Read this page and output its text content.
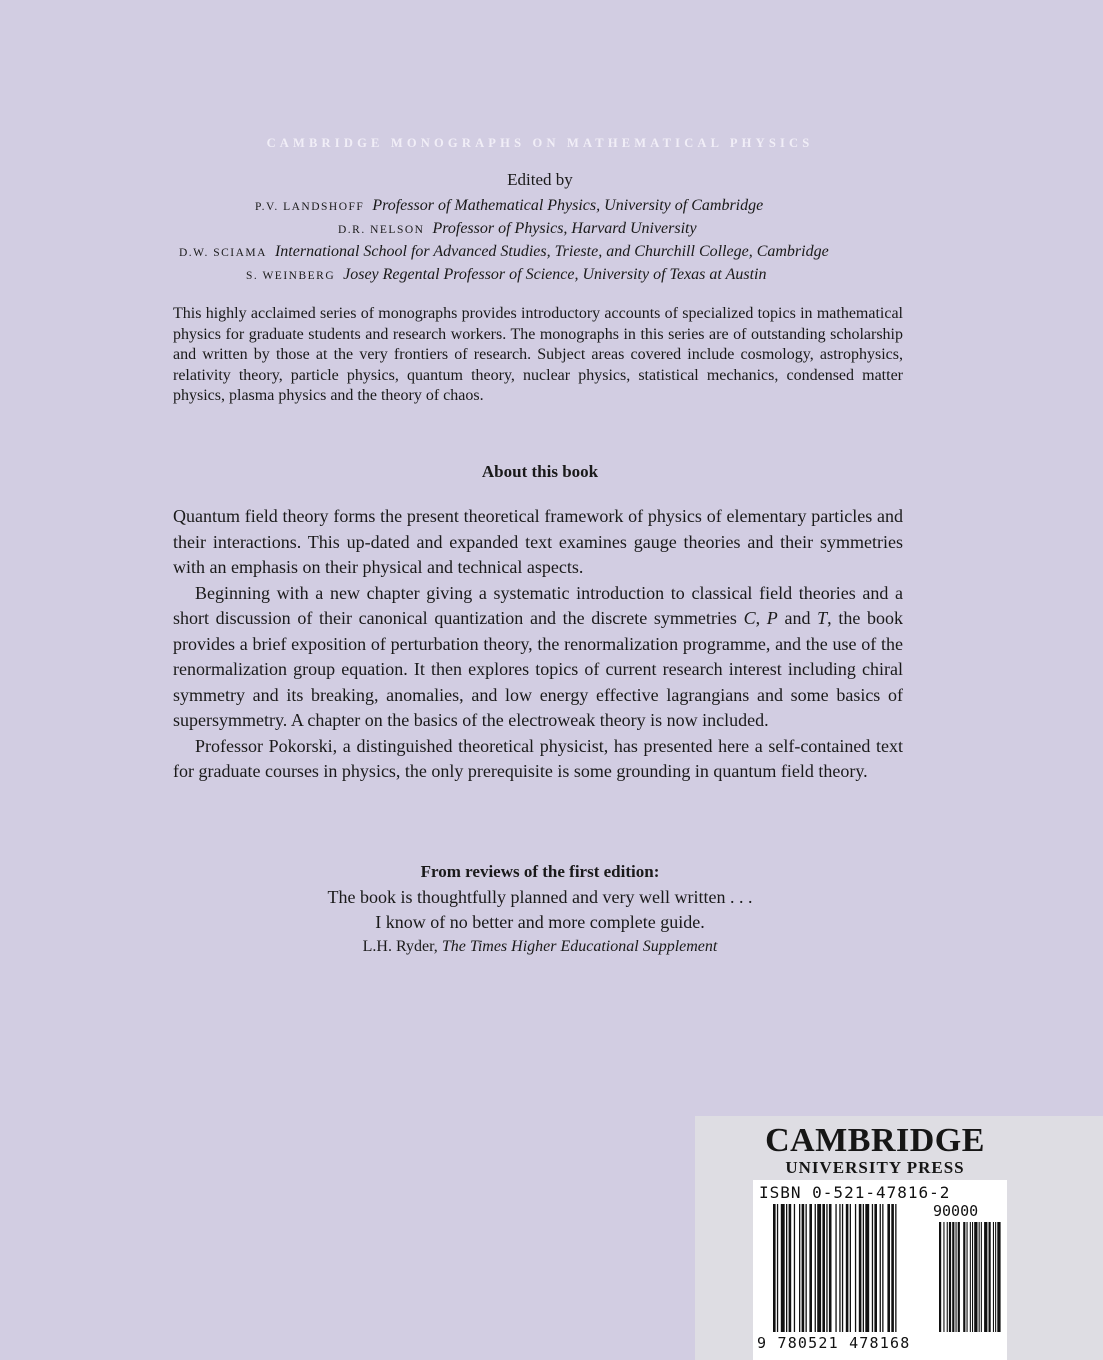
CAMBRIDGE MONOGRAPHS ON MATHEMATICAL PHYSICS
Edited by
P.V. LANDSHOFF Professor of Mathematical Physics, University of Cambridge
D.R. NELSON Professor of Physics, Harvard University
D.W. SCIAMA International School for Advanced Studies, Trieste, and Churchill College, Cambridge
S. WEINBERG Josey Regental Professor of Science, University of Texas at Austin
This highly acclaimed series of monographs provides introductory accounts of specialized topics in mathematical physics for graduate students and research workers. The monographs in this series are of outstanding scholarship and written by those at the very frontiers of research. Subject areas covered include cosmology, astrophysics, relativity theory, particle physics, quantum theory, nuclear physics, statistical mechanics, condensed matter physics, plasma physics and the theory of chaos.
About this book

Quantum field theory forms the present theoretical framework of physics of elementary particles and their interactions. This up-dated and expanded text examines gauge theories and their symmetries with an emphasis on their physical and technical aspects.

Beginning with a new chapter giving a systematic introduction to classical field theories and a short discussion of their canonical quantization and the discrete symmetries C, P and T, the book provides a brief exposition of perturbation theory, the renormalization programme, and the use of the renormalization group equation. It then explores topics of current research interest including chiral symmetry and its breaking, anomalies, and low energy effective lagrangians and some basics of supersymmetry. A chapter on the basics of the electroweak theory is now included.

Professor Pokorski, a distinguished theoretical physicist, has presented here a self-contained text for graduate courses in physics, the only prerequisite is some grounding in quantum field theory.

From reviews of the first edition:
The book is thoughtfully planned and very well written . . .
I know of no better and more complete guide.
L.H. Ryder, The Times Higher Educational Supplement
CAMBRIDGE
UNIVERSITY PRESS
ISBN 0-521-47816-2
90000
9 780521 478168
